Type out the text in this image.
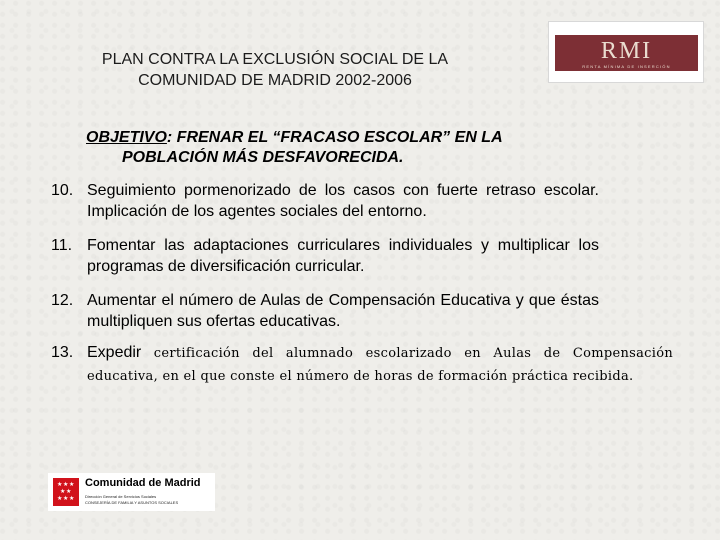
PLAN CONTRA LA EXCLUSIÓN SOCIAL DE LA
COMUNIDAD DE MADRID 2002-2006
RMI
RENTA MÍNIMA DE INSERCIÓN
OBJETIVO: FRENAR EL “FRACASO ESCOLAR” EN LA
POBLACIÓN MÁS DESFAVORECIDA.
10. Seguimiento pormenorizado de los casos con fuerte retraso escolar. Implicación de los agentes sociales del entorno.
11. Fomentar las adaptaciones curriculares individuales y multiplicar los programas de diversificación curricular.
12. Aumentar el número de Aulas de Compensación Educativa y que éstas multipliquen sus ofertas educativas.
13. Expedir certificación del alumnado escolarizado en Aulas de Compensación educativa, en el que conste el número de horas de formación práctica recibida.
★ ★ ★
★ ★
★ ★ ★
Comunidad de Madrid
Dirección General de Servicios Sociales
CONSEJERÍA DE FAMILIA Y ASUNTOS SOCIALES
